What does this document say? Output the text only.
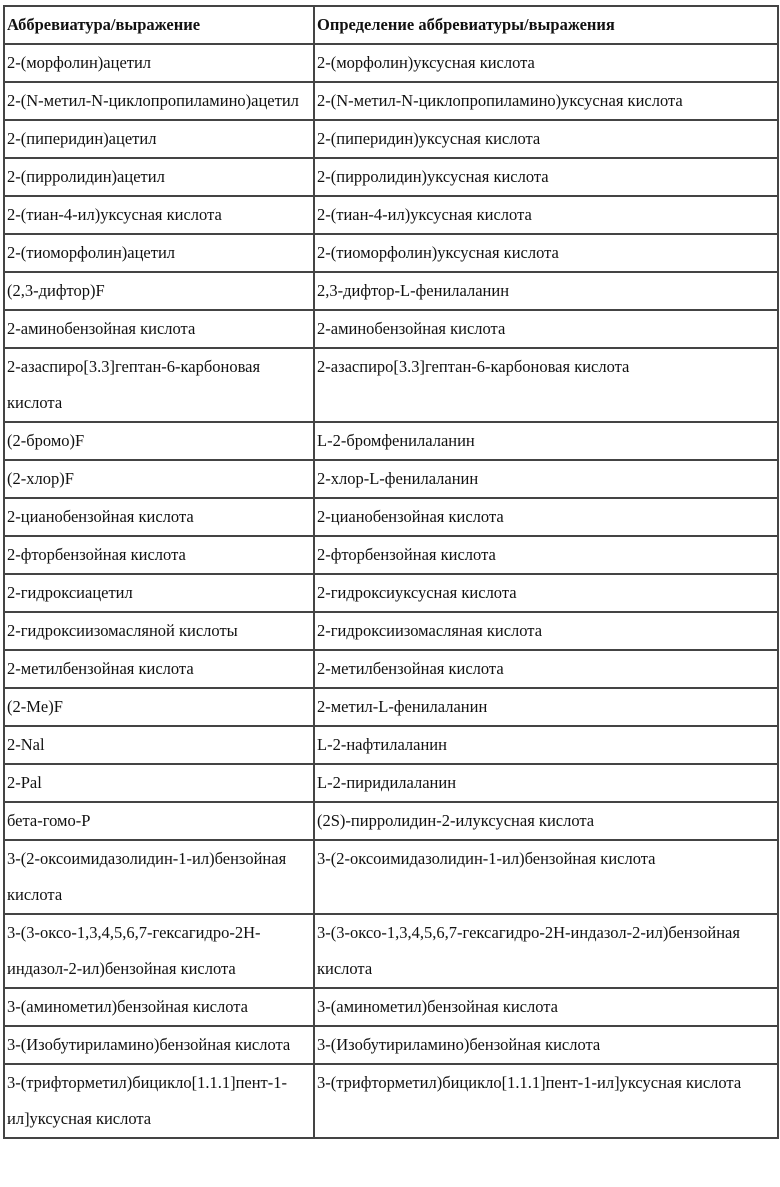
Аббревиатура/выражение	Определение аббревиатуры/выражения
2-(морфолин)ацетил	2-(морфолин)уксусная кислота
2-(N-метил-N-циклопропиламино)ацетил	2-(N-метил-N-циклопропиламино)уксусная кислота
2-(пиперидин)ацетил	2-(пиперидин)уксусная кислота
2-(пирролидин)ацетил	2-(пирролидин)уксусная кислота
2-(тиан-4-ил)уксусная кислота	2-(тиан-4-ил)уксусная кислота
2-(тиоморфолин)ацетил	2-(тиоморфолин)уксусная кислота
(2,3-дифтор)F	2,3-дифтор-L-фенилаланин
2-аминобензойная кислота	2-аминобензойная кислота
2-азаспиро[3.3]гептан-6-карбоновая кислота	2-азаспиро[3.3]гептан-6-карбоновая кислота
(2-бромо)F	L-2-бромфенилаланин
(2-хлор)F	2-хлор-L-фенилаланин
2-цианобензойная кислота	2-цианобензойная кислота
2-фторбензойная кислота	2-фторбензойная кислота
2-гидроксиацетил	2-гидроксиуксусная кислота
2-гидроксиизомасляной кислоты	2-гидроксиизомасляная кислота
2-метилбензойная кислота	2-метилбензойная кислота
(2-Me)F	2-метил-L-фенилаланин
2-Nal	L-2-нафтилаланин
2-Pal	L-2-пиридилаланин
бета-гомо-P	(2S)-пирролидин-2-илуксусная кислота
3-(2-оксоимидазолидин-1-ил)бензойная кислота	3-(2-оксоимидазолидин-1-ил)бензойная кислота
3-(3-оксо-1,3,4,5,6,7-гексагидро-2H-индазол-2-ил)бензойная кислота	3-(3-оксо-1,3,4,5,6,7-гексагидро-2H-индазол-2-ил)бензойная кислота
3-(аминометил)бензойная кислота	3-(аминометил)бензойная кислота
3-(Изобутириламино)бензойная кислота	3-(Изобутириламино)бензойная кислота
3-(трифторметил)бицикло[1.1.1]пент-1-ил]уксусная кислота	3-(трифторметил)бицикло[1.1.1]пент-1-ил]уксусная кислота
